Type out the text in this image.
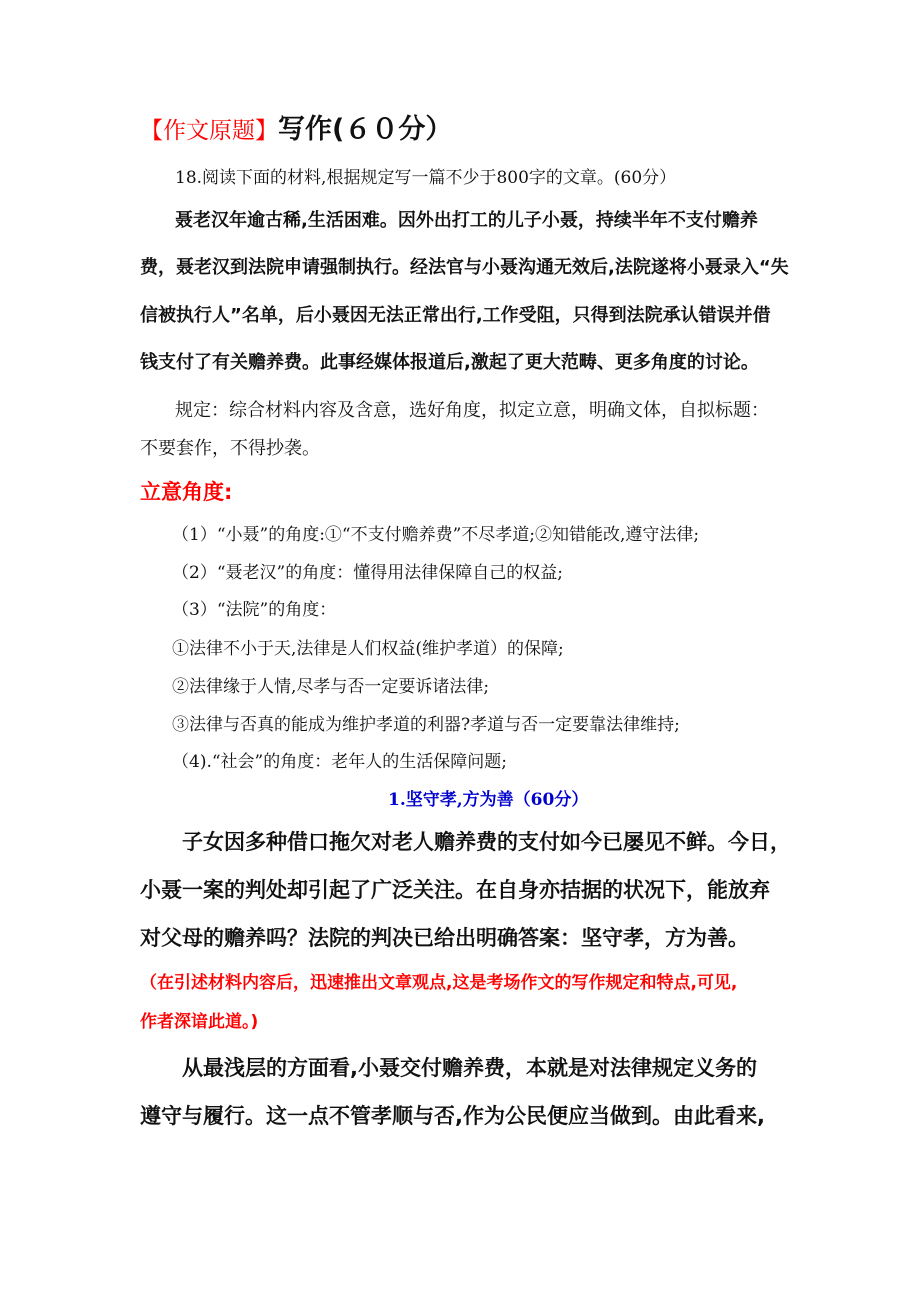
【作文原题】 写作(６０分）
18.阅读下面的材料,根据规定写一篇不少于800字的文章。(60分）
聂老汉年逾古稀,生活困难。因外出打工的儿子小聂，持续半年不支付赡养
费，聂老汉到法院申请强制执行。经法官与小聂沟通无效后,法院遂将小聂录入“失
信被执行人”名单，后小聂因无法正常出行,工作受阻，只得到法院承认错误并借
钱支付了有关赡养费。此事经媒体报道后,激起了更大范畴、更多角度的讨论。
规定：综合材料内容及含意，选好角度，拟定立意，明确文体，自拟标题：
不要套作，不得抄袭。
立意角度:
（1）“小聂”的角度:①“不支付赡养费”不尽孝道;②知错能改,遵守法律;
（2）“聂老汉”的角度：懂得用法律保障自己的权益;
（3）“法院”的角度：
①法律不小于天,法律是人们权益(维护孝道）的保障;
②法律缘于人情,尽孝与否一定要诉诸法律;
③法律与否真的能成为维护孝道的利器?孝道与否一定要靠法律维持;
（4).“社会”的角度：老年人的生活保障问题;
1.坚守孝,方为善（60分）
子女因多种借口拖欠对老人赡养费的支付如今已屡见不鲜。今日，
小聂一案的判处却引起了广泛关注。在自身亦拮据的状况下，能放弃
对父母的赡养吗？法院的判决已给出明确答案：坚守孝，方为善。
（在引述材料内容后，迅速推出文章观点,这是考场作文的写作规定和特点,可见,
作者深谙此道。)
从最浅层的方面看,小聂交付赡养费，本就是对法律规定义务的
遵守与履行。这一点不管孝顺与否,作为公民便应当做到。由此看来,
